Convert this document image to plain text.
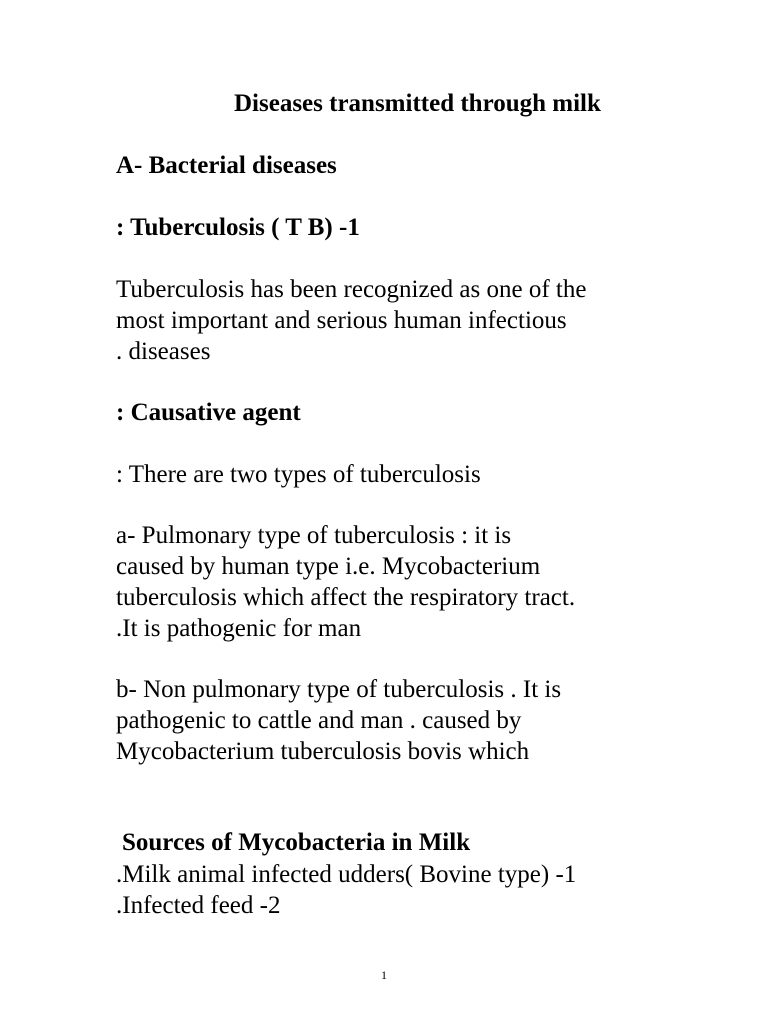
Diseases transmitted through milk

A- Bacterial diseases

: Tuberculosis ( T B) -1

Tuberculosis has been recognized as one of the

most important and serious human infectious

. diseases

: Causative agent

: There are two types of tuberculosis

a- Pulmonary type of tuberculosis : it is

caused by human type i.e. Mycobacterium

tuberculosis which affect the respiratory tract.

.It is pathogenic for man

b- Non pulmonary type of tuberculosis . It is

pathogenic to cattle and man . caused by

Mycobacterium tuberculosis bovis which

Sources of Mycobacteria in Milk

.Milk animal infected udders( Bovine type) -1

.Infected feed -2

1
